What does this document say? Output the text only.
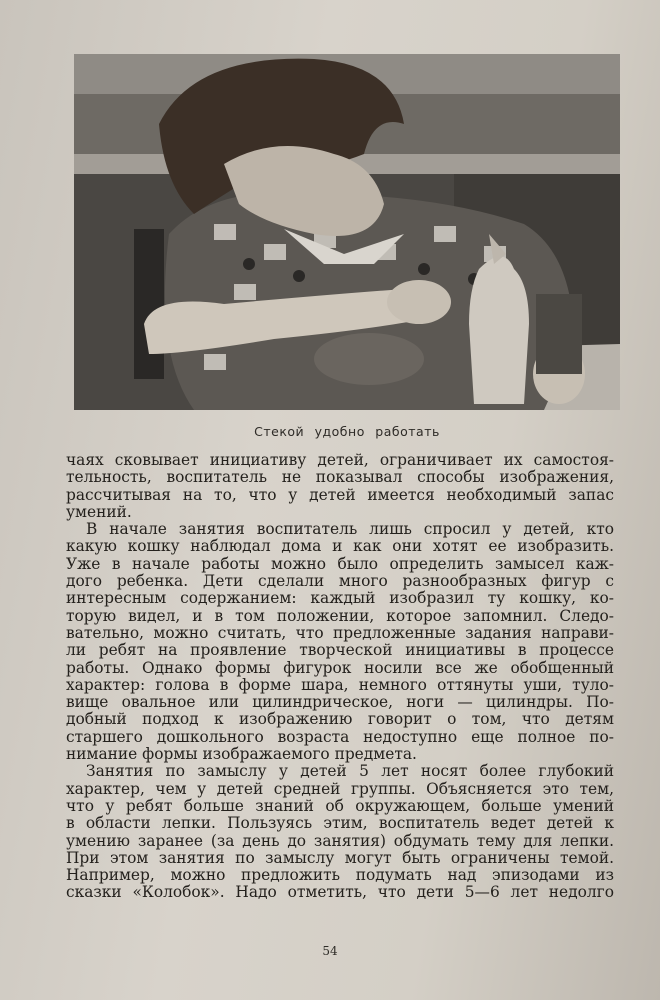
Стекой удобно работать
чаях сковывает инициативу детей, ограничивает их самостоя-
тельность, воспитатель не показывал способы изображения,
рассчитывая на то, что у детей имеется необходимый запас
умений.
В начале занятия воспитатель лишь спросил у детей, кто
какую кошку наблюдал дома и как они хотят ее изобразить.
Уже в начале работы можно было определить замысел каж-
дого ребенка. Дети сделали много разнообразных фигур с
интересным содержанием: каждый изобразил ту кошку, ко-
торую видел, и в том положении, которое запомнил. Следо-
вательно, можно считать, что предложенные задания направи-
ли ребят на проявление творческой инициативы в процессе
работы. Однако формы фигурок носили все же обобщенный
характер: голова в форме шара, немного оттянуты уши, туло-
вище овальное или цилиндрическое, ноги — цилиндры. По-
добный подход к изображению говорит о том, что детям
старшего дошкольного возраста недоступно еще полное по-
нимание формы изображаемого предмета.
Занятия по замыслу у детей 5 лет носят более глубокий
характер, чем у детей средней группы. Объясняется это тем,
что у ребят больше знаний об окружающем, больше умений
в области лепки. Пользуясь этим, воспитатель ведет детей к
умению заранее (за день до занятия) обдумать тему для лепки.
При этом занятия по замыслу могут быть ограничены темой.
Например, можно предложить подумать над эпизодами из
сказки «Колобок». Надо отметить, что дети 5—6 лет недолго
54
